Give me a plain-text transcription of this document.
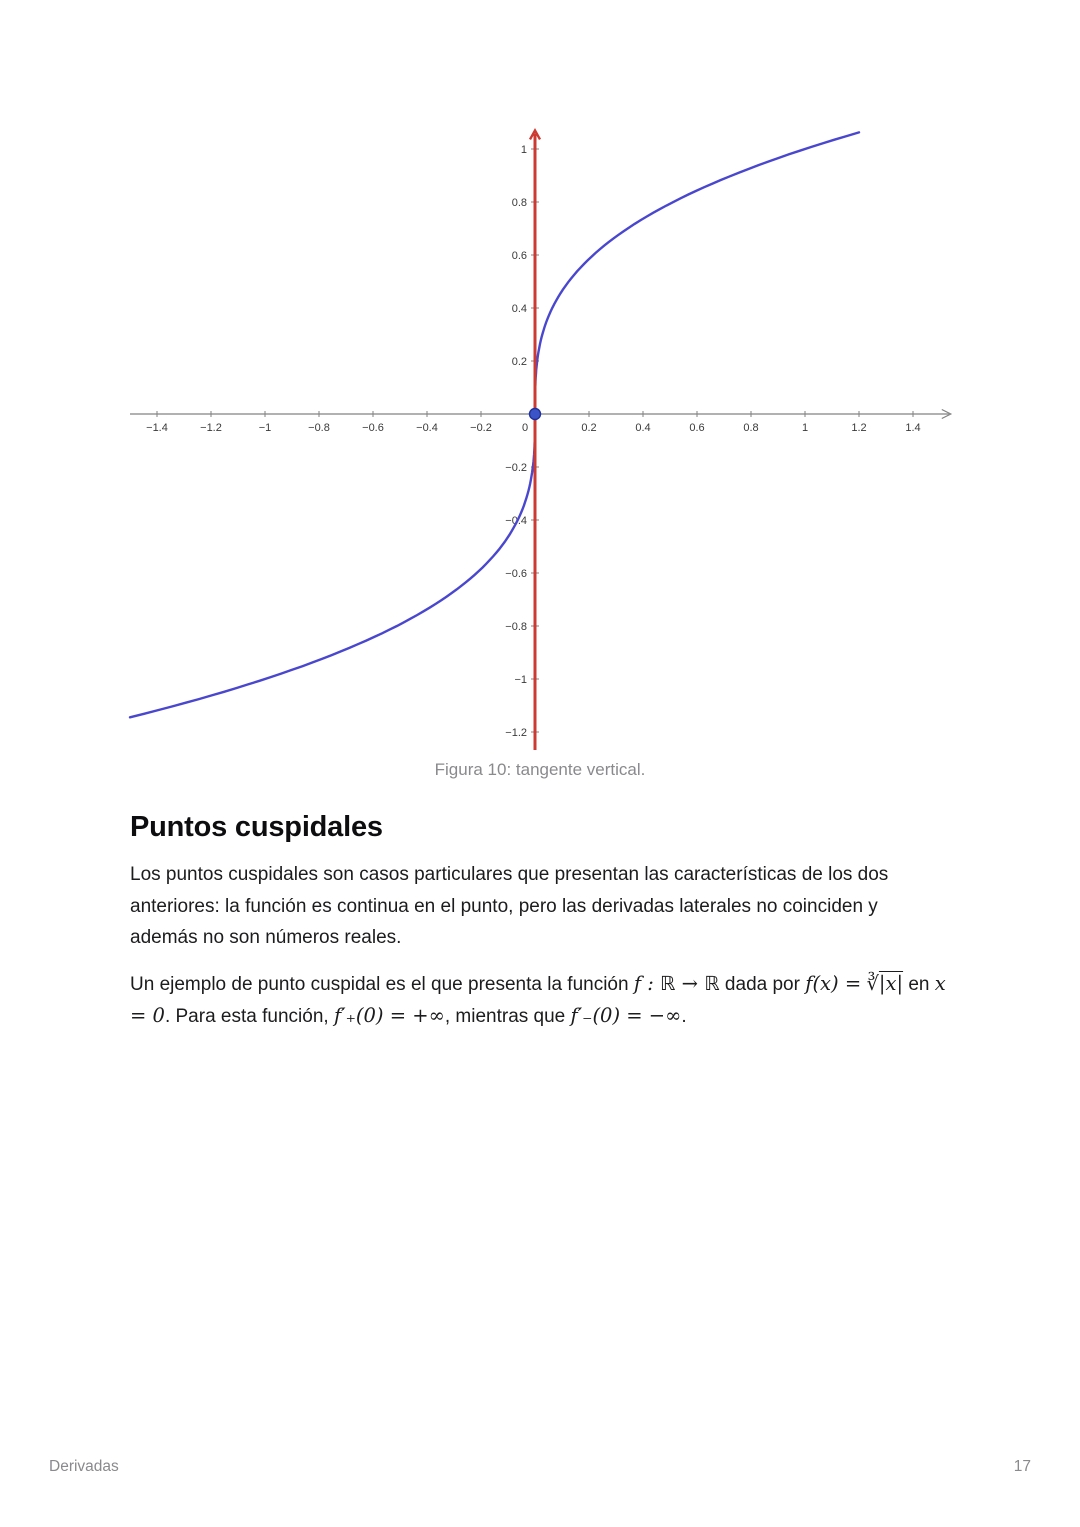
−1.4	−1.2	−1	−0.8	−0.6	−0.4	−0.2	0	0.2	0.4	0.6	0.8	1	1.2	1.4
−1.2
−1
−0.8
−0.6
−0.4
−0.2
0.2
0.4
0.6
0.8
1
Figura 10: tangente vertical.
Puntos cuspidales

Los puntos cuspidales son casos particulares que presentan las características de los dos anteriores: la función es continua en el punto, pero las derivadas laterales no coinciden y además no son números reales.

Un ejemplo de punto cuspidal es el que presenta la función f : ℝ → ℝ dada por f(x) = ∛|x| en x = 0. Para esta función, f′₊(0) = +∞, mientras que f′₋(0) = −∞.

Derivadas	17
